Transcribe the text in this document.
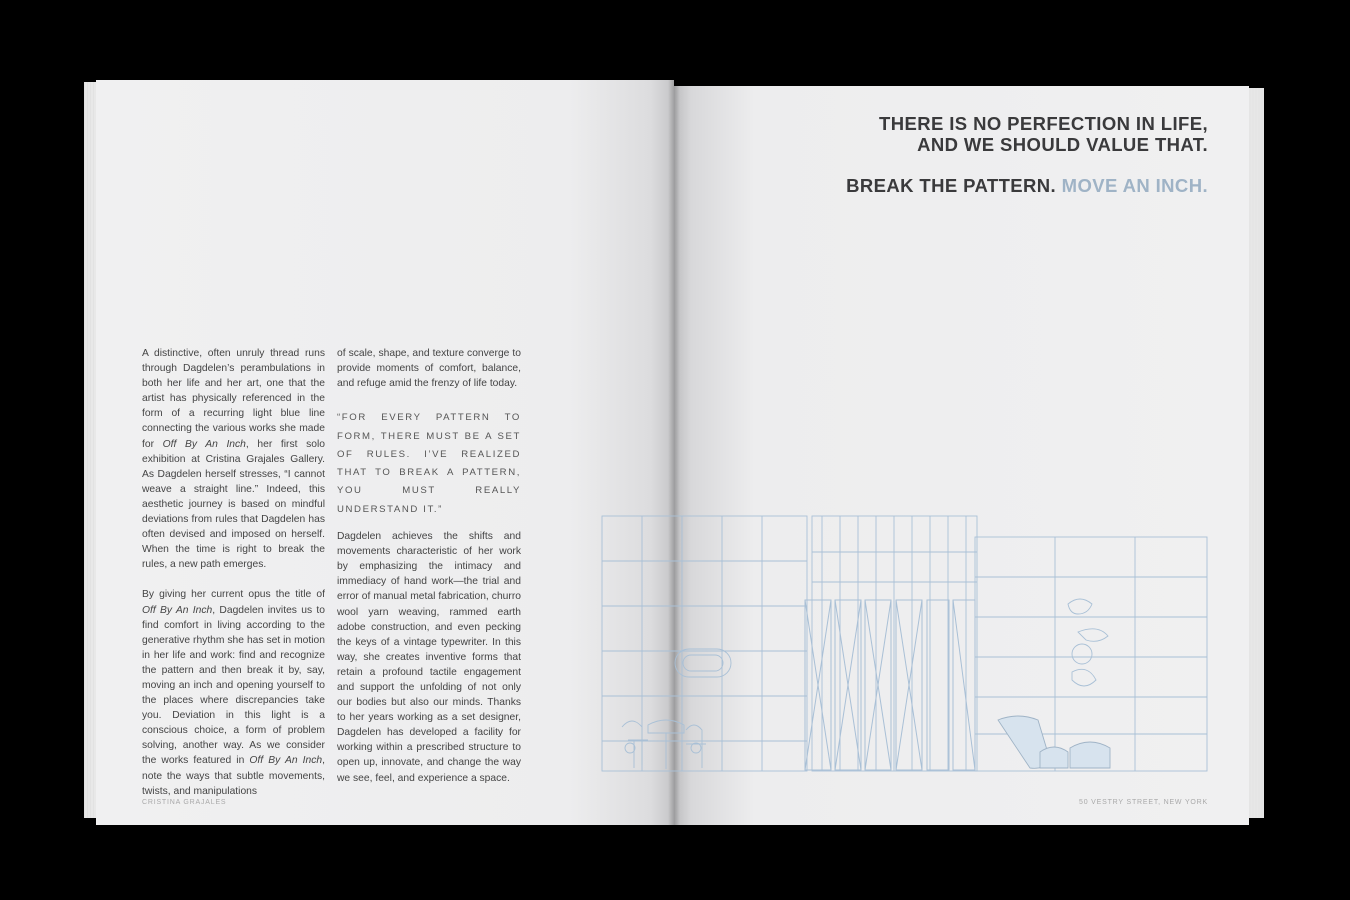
A distinctive, often unruly thread runs through Dagdelen’s perambulations in both her life and her art, one that the artist has physically referenced in the form of a recurring light blue line connecting the various works she made for Off By An Inch, her first solo exhibition at Cristina Grajales Gallery. As Dagdelen herself stresses, “I cannot weave a straight line.” Indeed, this aesthetic journey is based on mindful deviations from rules that Dagdelen has often devised and imposed on herself. When the time is right to break the rules, a new path emerges.

By giving her current opus the title of Off By An Inch, Dagdelen invites us to find comfort in living according to the generative rhythm she has set in motion in her life and work: find and recognize the pattern and then break it by, say, moving an inch and opening yourself to the places where discrepancies take you. Deviation in this light is a conscious choice, a form of problem solving, another way. As we consider the works featured in Off By An Inch, note the ways that subtle movements, twists, and manipulations

of scale, shape, and texture converge to provide moments of comfort, balance, and refuge amid the frenzy of life today.

“FOR EVERY PATTERN TO FORM, THERE MUST BE A SET OF RULES. I’VE REALIZED THAT TO BREAK A PATTERN, YOU MUST REALLY UNDERSTAND IT.”

Dagdelen achieves the shifts and movements characteristic of her work by emphasizing the intimacy and immediacy of hand work—the trial and error of manual metal fabrication, churro wool yarn weaving, rammed earth adobe construction, and even pecking the keys of a vintage typewriter. In this way, she creates inventive forms that retain a profound tactile engagement and support the unfolding of not only our bodies but also our minds. Thanks to her years working as a set designer, Dagdelen has developed a facility for working within a prescribed structure to open up, innovate, and change the way we see, feel, and experience a space.

CRISTINA GRAJALES
THERE IS NO PERFECTION IN LIFE,
AND WE SHOULD VALUE THAT.
BREAK THE PATTERN. MOVE AN INCH.
50 VESTRY STREET, NEW YORK
